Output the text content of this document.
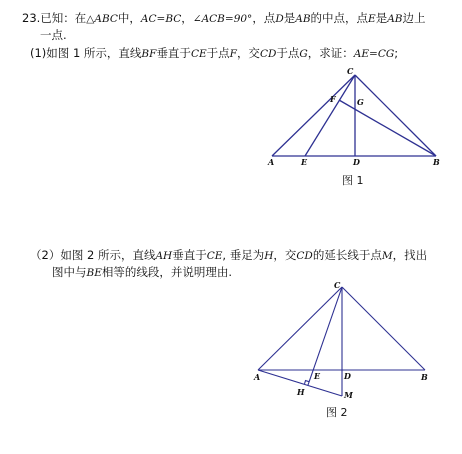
23.已知：在△ABC中，AC=BC，∠ACB=90°，点D是AB的中点，点E是AB边上
一点.
(1)如图 1 所示，直线BF垂直于CE于点F，交CD于点G，求证：AE=CG;
（2）如图 2 所示，直线AH垂直于CE, 垂足为H，交CD的延长线于点M，找出
图中与BE相等的线段，并说明理由.
C
F	G
A	E	D	B
C
A	E	D	B
H	M
图 1
图 2
